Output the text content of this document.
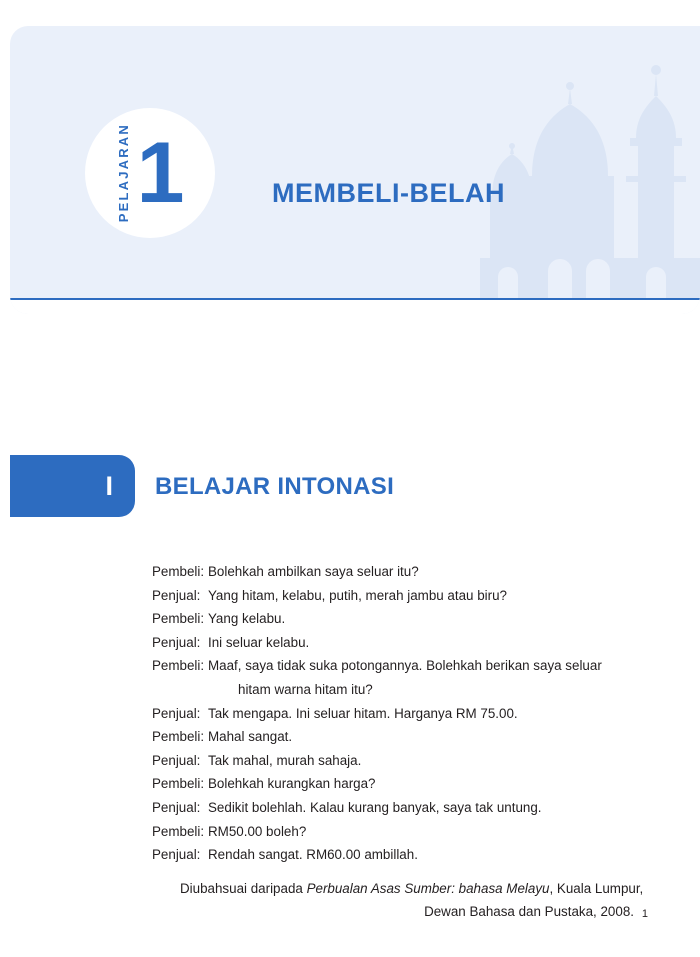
PELAJARAN 1	MEMBELI-BELAH
I BELAJAR INTONASI
Pembeli: Bolehkah ambilkan saya seluar itu?
Penjual: Yang hitam, kelabu, putih, merah jambu atau biru?
Pembeli: Yang kelabu.
Penjual: Ini seluar kelabu.
Pembeli: Maaf, saya tidak suka potongannya. Bolehkah berikan saya seluar
hitam warna hitam itu?
Penjual: Tak mengapa. Ini seluar hitam. Harganya RM 75.00.
Pembeli: Mahal sangat.
Penjual: Tak mahal, murah sahaja.
Pembeli: Bolehkah kurangkan harga?
Penjual: Sedikit bolehlah. Kalau kurang banyak, saya tak untung.
Pembeli: RM50.00 boleh?
Penjual: Rendah sangat. RM60.00 ambillah.
Diubahsuai daripada Perbualan Asas Sumber: bahasa Melayu, Kuala Lumpur,
Dewan Bahasa dan Pustaka, 2008. 1
